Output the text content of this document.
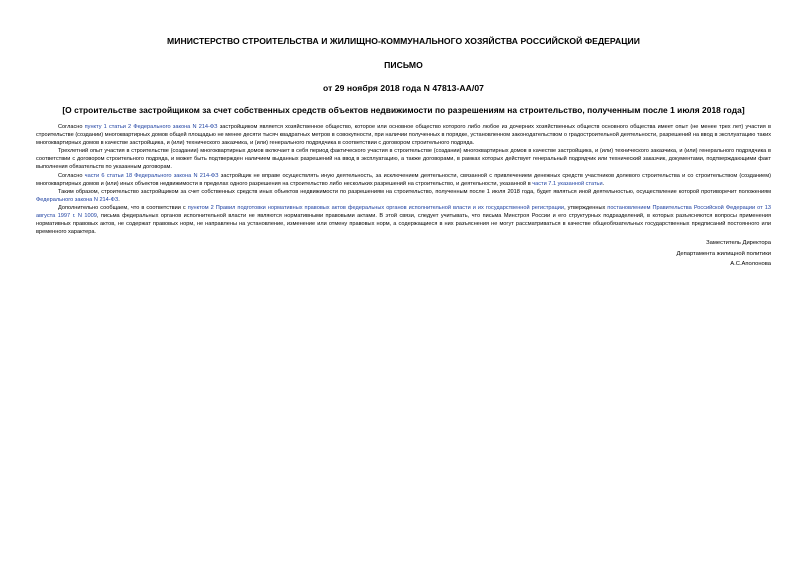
МИНИСТЕРСТВО СТРОИТЕЛЬСТВА И ЖИЛИЩНО-КОММУНАЛЬНОГО ХОЗЯЙСТВА РОССИЙСКОЙ ФЕДЕРАЦИИ
ПИСЬМО
от 29 ноября 2018 года N 47813-АА/07
[О строительстве застройщиком за счет собственных средств объектов недвижимости по разрешениям на строительство, полученным после 1 июля 2018 года]

Согласно пункту 1 статьи 2 Федерального закона N 214-ФЗ застройщиком является хозяйственное общество, которое или основное общество которого либо любое из дочерних хозяйственных обществ основного общества имеет опыт (не менее трех лет) участия в строительстве (создании) многоквартирных домов общей площадью не менее десяти тысяч квадратных метров в совокупности, при наличии полученных в порядке, установленном законодательством о градостроительной деятельности, разрешений на ввод в эксплуатацию таких многоквартирных домов в качестве застройщика, и (или) технического заказчика, и (или) генерального подрядчика в соответствии с договором строительного подряда.

Трехлетний опыт участия в строительстве (создании) многоквартирных домов включает в себя период фактического участия в строительстве (создании) многоквартирных домов в качестве застройщика, и (или) технического заказчика, и (или) генерального подрядчика в соответствии с договором строительного подряда, и может быть подтвержден наличием выданных разрешений на ввод в эксплуатацию, а также договорами, в рамках которых действует генеральный подрядчик или технический заказчик, документами, подтверждающими факт выполнения обязательств по указанным договорам.

Согласно части 6 статьи 18 Федерального закона N 214-ФЗ застройщик не вправе осуществлять иную деятельность, за исключением деятельности, связанной с привлечением денежных средств участников долевого строительства и со строительством (созданием) многоквартирных домов и (или) иных объектов недвижимости в пределах одного разрешения на строительство либо нескольких разрешений на строительство, и деятельности, указанной в части 7.1 указанной статьи.

Таким образом, строительство застройщиком за счет собственных средств иных объектов недвижимости по разрешениям на строительство, полученным после 1 июля 2018 года, будет являться иной деятельностью, осуществление которой противоречит положениям Федерального закона N 214-ФЗ.

Дополнительно сообщаем, что в соответствии с пунктом 2 Правил подготовки нормативных правовых актов федеральных органов исполнительной власти и их государственной регистрации, утвержденных постановлением Правительства Российской Федерации от 13 августа 1997 г. N 1009, письма федеральных органов исполнительной власти не являются нормативными правовыми актами. В этой связи, следует учитывать, что письма Минстроя России и его структурных подразделений, в которых разъясняются вопросы применения нормативных правовых актов, не содержат правовых норм, не направлены на установление, изменение или отмену правовых норм, а содержащиеся в них разъяснения не могут рассматриваться в качестве общеобязательных государственных предписаний постоянного или временного характера.

Заместитель Директора
Департамента жилищной политики
А.С.Аполонова
